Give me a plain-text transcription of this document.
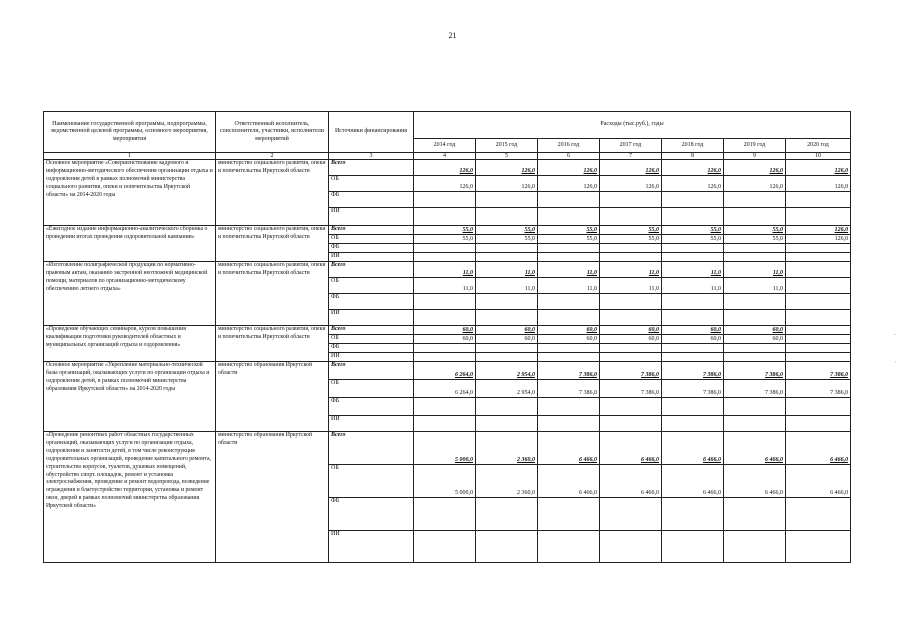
21
-
'
Наименование государственной программы, подпрограммы, ведомственной целевой программы, основного мероприятия, мероприятия	Ответственный исполнитель, соисполнители, участники, исполнители мероприятий	Источники финансирования	Расходы (тыс.руб.), годы						
			2014 год	2015 год	2016 год	2017 год	2018 год	2019 год	2020 год
1	2	3	4	5	6	7	8	9	10
Основное мероприятие «Совершенствование кадрового и информационно-методического обеспечения организации отдыха и оздоровления детей в рамках полномочий министерства социального развития, опеки и попечительства Иркутской области» на 2014-2020 годы	министерство социального развития, опеки и попечительства Иркутской области	Всего	126,0	126,0	126,0	126,0	126,0	126,0	126,0
		ОБ	126,0	126,0	126,0	126,0	126,0	126,0	126,0
		ФБ							
		ИИ							
«Ежегодное издание информационно-аналитического сборника о проведении итогах проведения оздоровительной кампании»	министерство социального развития, опеки и попечительства Иркутской области	Всего	55,0	55,0	55,0	55,0	55,0	55,0	126,0
		ОБ	55,0	55,0	55,0	55,0	55,0	55,0	126,0
		ФБ							
		ИИ							
«Изготовление полиграфической продукции по нормативно-правовым актам, оказанию экстренной неотложной медицинской помощи, материалов по организационно-методическому обеспечению летнего отдыха»	министерство социального развития, опеки и попечительства Иркутской области	Всего	11,0	11,0	11,0	11,0	11,0	11,0	
		ОБ	11,0	11,0	11,0	11,0	11,0	11,0	
		ФБ							
		ИИ							
«Проведение обучающих семинаров, курсов повышения квалификации подготовки руководителей областных и муниципальных организаций отдыха и оздоровления»	министерство социального развития, опеки и попечительства Иркутской области	Всего	60,0	60,0	60,0	60,0	60,0	60,0	
		ОБ	60,0	60,0	60,0	60,0	60,0	60,0	
		ФБ							
		ИИ							
Основное мероприятие «Укрепление материально-технической базы организаций, оказывающих услуги по организации отдыха и оздоровления детей, в рамках полномочий министерства образования Иркутской области» на 2014-2020 годы	министерство образования Иркутской области	Всего	6 264,0	2 954,0	7 386,0	7 386,0	7 386,0	7 386,0	7 386,0
		ОБ	6 264,0	2 954,0	7 386,0	7 386,0	7 386,0	7 386,0	7 386,0
		ФБ							
		ИИ							
«Проведение ремонтных работ областных государственных организаций, оказывающих услуги по организации отдыха, оздоровления и занятости детей, в том числе реконструкция оздоровительных организаций, проведение капитального ремонта, строительство корпусов, туалетов, душевых помещений, обустройство спорт. площадок, ремонт и установка электроснабжения, проведение и ремонт водопровода, возведение ограждения и благоустройство территории, установка и ремонт окон, дверей в рамках полномочий министерства образования Иркутской области»	министерство образования Иркутской области	Всего	5 000,0	2 360,0	6 466,0	6 466,0	6 466,0	6 466,0	6 466,0
		ОБ	5 000,0	2 360,0	6 466,0	6 466,0	6 466,0	6 466,0	6 466,0
		ФБ							
		ИИ							
